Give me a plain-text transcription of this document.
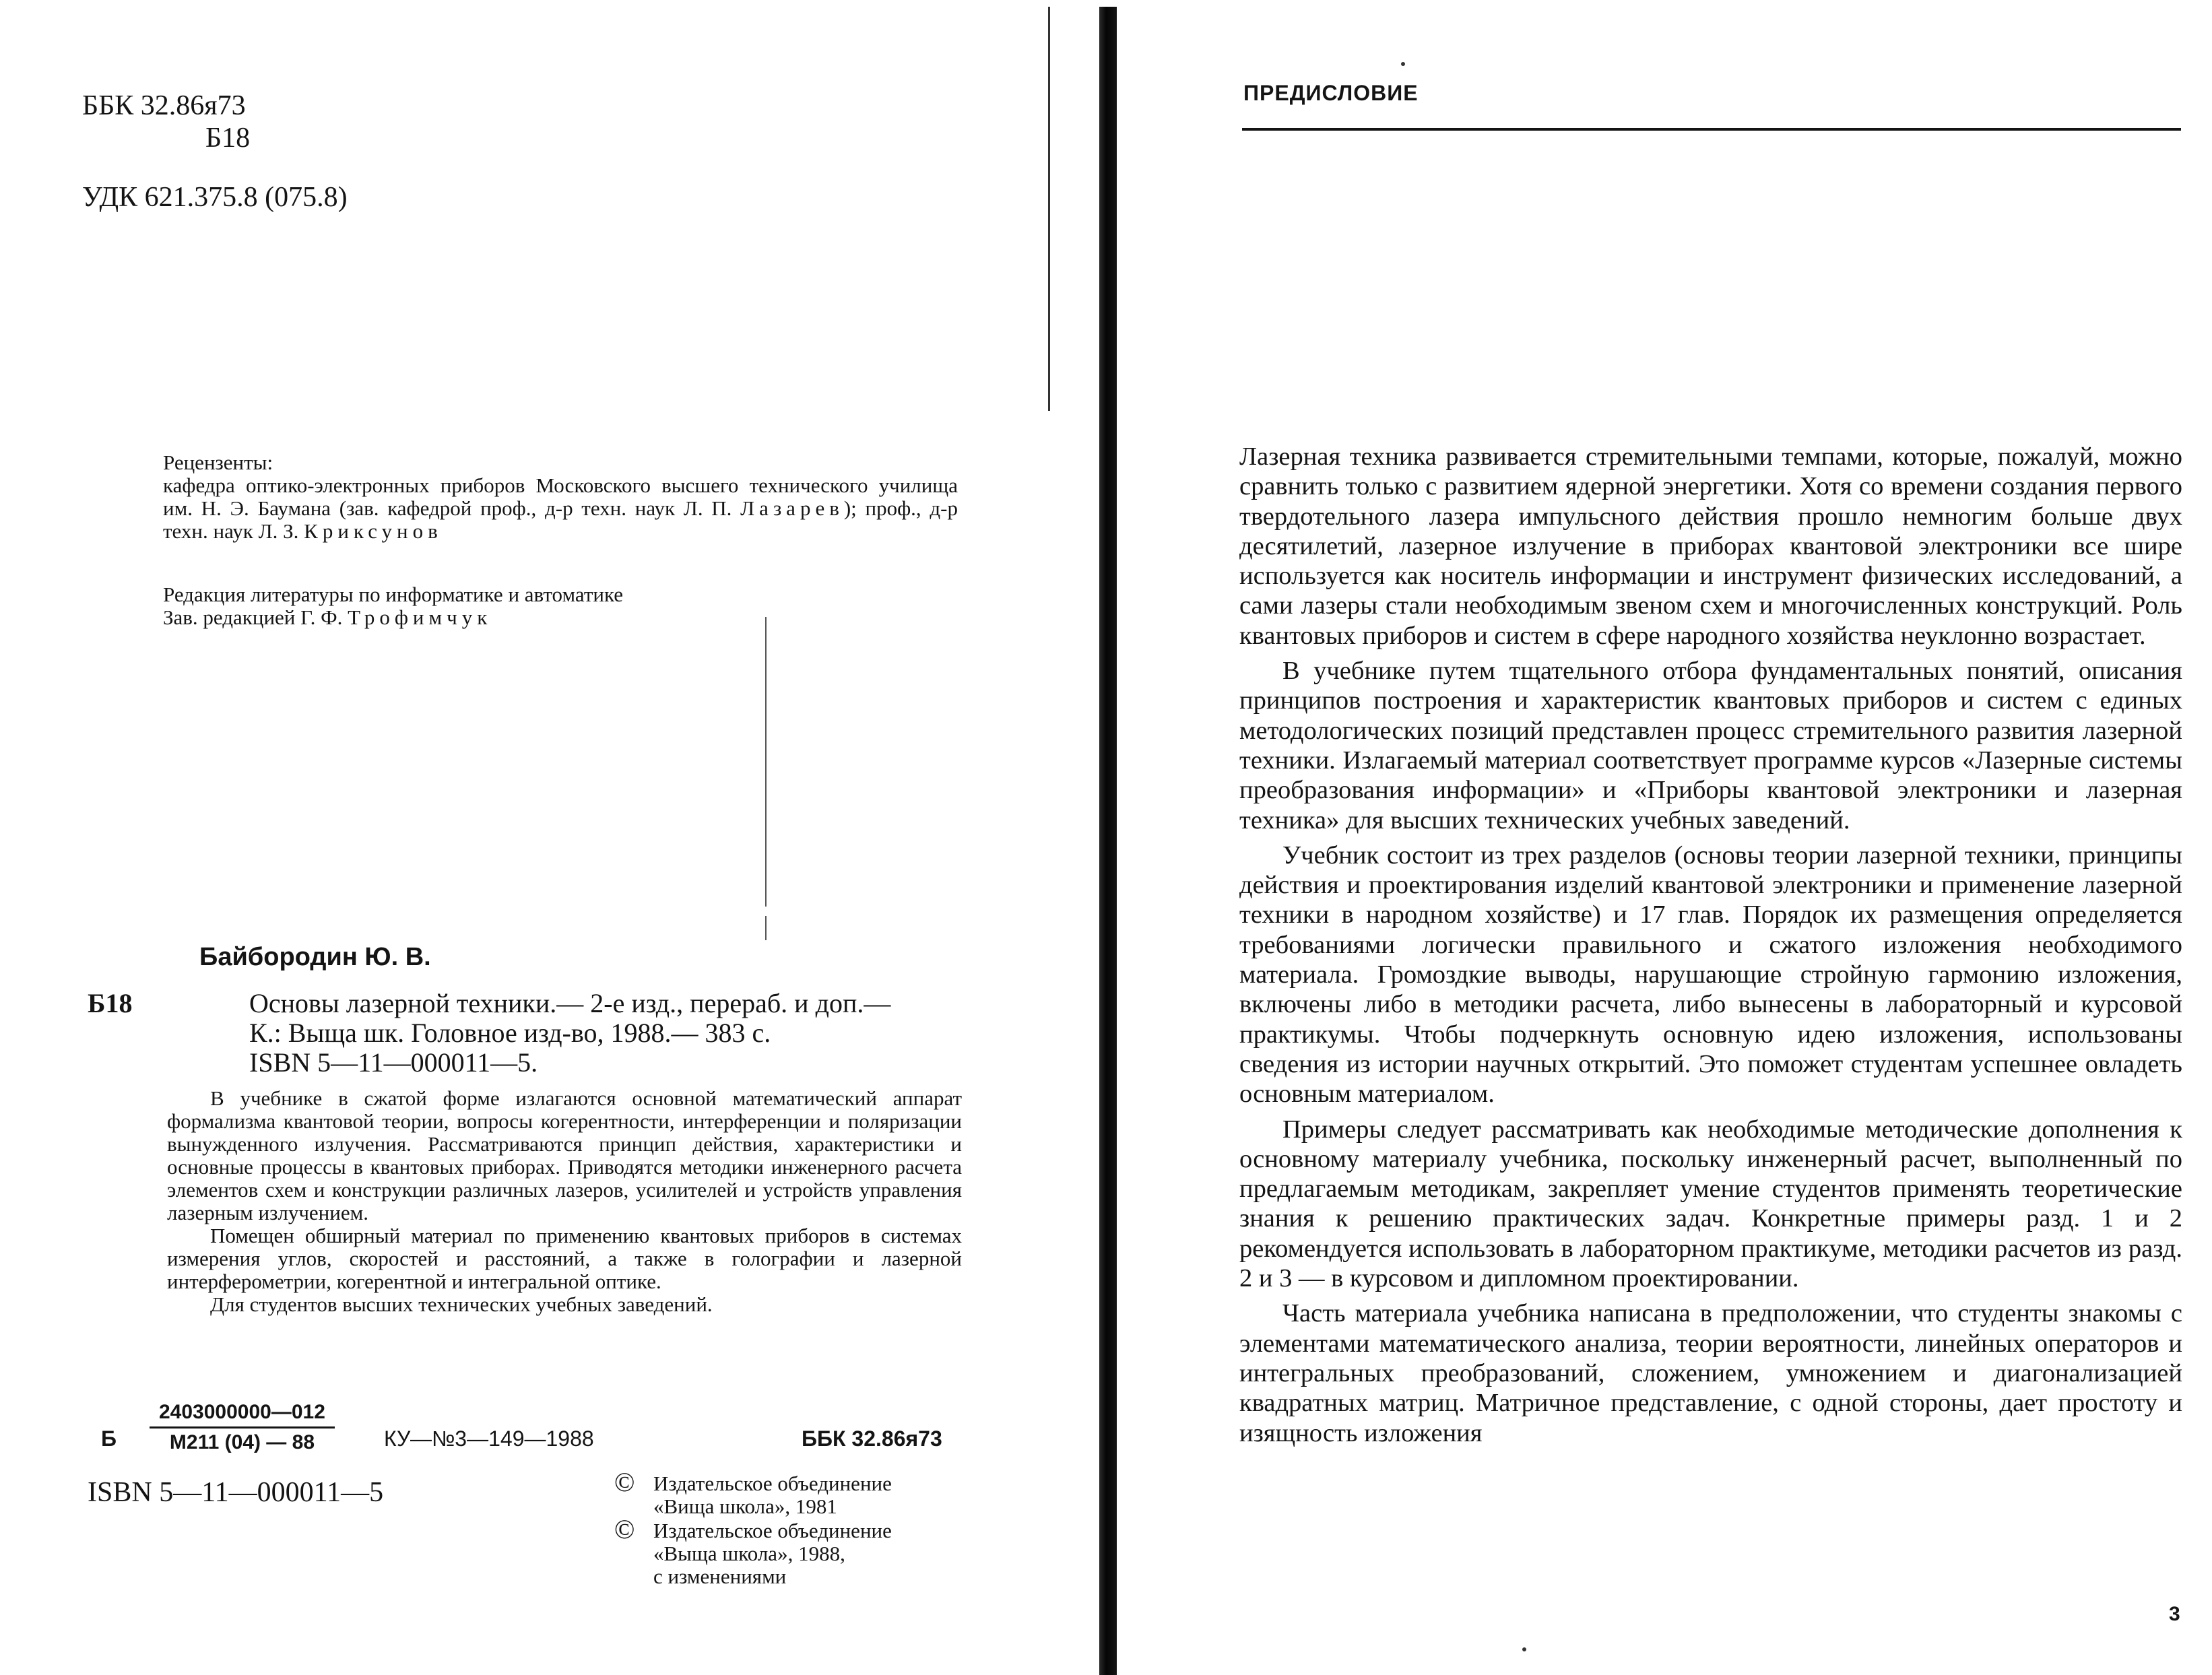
ББК 32.86я73
Б18
УДК 621.375.8 (075.8)
Рецензенты:
кафедра оптико-электронных приборов Московского высшего технического училища им. Н. Э. Баумана (зав. кафедрой проф., д-р техн. наук Л. П. Лазарев); проф., д-р техн. наук Л. З. Криксунов
Редакция литературы по информатике и автоматике
Зав. редакцией Г. Ф. Трофимчук
Байбородин Ю. В.
Б18	Основы лазерной техники.— 2-е изд., перераб. и доп.—
К.: Выща шк. Головное изд-во, 1988.— 383 с.
ISBN 5—11—000011—5.

В учебнике в сжатой форме излагаются основной математический аппарат формализма квантовой теории, вопросы когерентности, интерференции и поляризации вынужденного излучения. Рассматриваются принцип действия, характеристики и основные процессы в квантовых приборах. Приводятся методики инженерного расчета элементов схем и конструкции различных лазеров, усилителей и устройств управления лазерным излучением.

Помещен обширный материал по применению квантовых приборов в системах измерения углов, скоростей и расстояний, а также в голографии и лазерной интерферометрии, когерентной и интегральной оптике.

Для студентов высших технических учебных заведений.

Б
2403000000—012
М211 (04) — 88	КУ—№3—149—1988	ББК 32.86я73
ISBN 5—11—000011—5	© Издательское объединение
«Вища школа», 1981
© Издательское объединение
«Выща школа», 1988,
с изменениями
ПРЕДИСЛОВИЕ

Лазерная техника развивается стремительными темпами, которые, пожалуй, можно сравнить только с развитием ядерной энергетики. Хотя со времени создания первого твердотельного лазера импульсного действия прошло немногим больше двух десятилетий, лазерное излучение в приборах квантовой электроники все шире используется как носитель информации и инструмент физических исследований, а сами лазеры стали необходимым звеном схем и многочисленных конструкций. Роль квантовых приборов и систем в сфере народного хозяйства неуклонно возрастает.

В учебнике путем тщательного отбора фундаментальных понятий, описания принципов построения и характеристик квантовых приборов и систем с единых методологических позиций представлен процесс стремительного развития лазерной техники. Излагаемый материал соответствует программе курсов «Лазерные системы преобразования информации» и «Приборы квантовой электроники и лазерная техника» для высших технических учебных заведений.

Учебник состоит из трех разделов (основы теории лазерной техники, принципы действия и проектирования изделий квантовой электроники и применение лазерной техники в народном хозяйстве) и 17 глав. Порядок их размещения определяется требованиями логически правильного и сжатого изложения необходимого материала. Громоздкие выводы, нарушающие стройную гармонию изложения, включены либо в методики расчета, либо вынесены в лабораторный и курсовой практикумы. Чтобы подчеркнуть основную идею изложения, использованы сведения из истории научных открытий. Это поможет студентам успешнее овладеть основным материалом.

Примеры следует рассматривать как необходимые методические дополнения к основному материалу учебника, поскольку инженерный расчет, выполненный по предлагаемым методикам, закрепляет умение студентов применять теоретические знания к решению практических задач. Конкретные примеры разд. 1 и 2 рекомендуется использовать в лабораторном практикуме, методики расчетов из разд. 2 и 3 — в курсовом и дипломном проектировании.

Часть материала учебника написана в предположении, что студенты знакомы с элементами математического анализа, теории вероятности, линейных операторов и интегральных преобразований, сложением, умножением и диагонализацией квадратных матриц. Матричное представление, с одной стороны, дает простоту и изящность изложения

3
